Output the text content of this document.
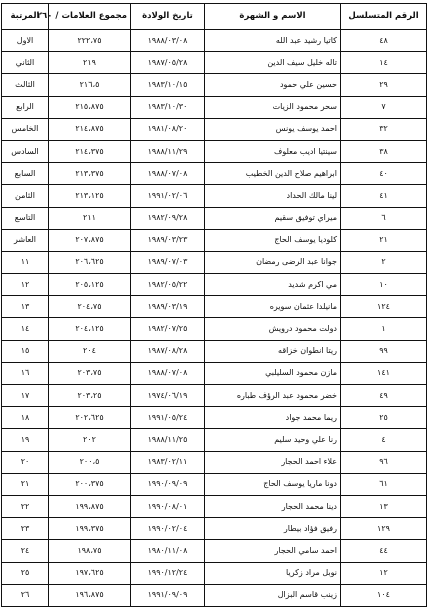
الرقم المتسلسل	الاسم و الشهرة	تاريخ الولادة	مجموع العلامات / ٢٦٠	المرتبة
٤٨	كاتيا رشيد عبد الله	١٩٨٨/٠٣/٠٨	٢٢٢،٧٥	الاول
١٤	تاله خليل سيف الدين	١٩٨٧/٠٥/٢٨	٢١٩	الثاني
٢٩	حسين علي حمود	١٩٨٣/١٠/١٥	٢١٦،٥	الثالث
٧	سحر محمود الزيات	١٩٨٣/١٠/٣٠	٢١٥،٨٧٥	الرابع
٣٢	احمد يوسف يونس	١٩٨١/٠٨/٢٠	٢١٤،٨٧٥	الخامس
٣٨	سينتيا اديب معلوف	١٩٨٨/١١/٢٩	٢١٤،٣٧٥	السادس
٤٠	ابراهيم صلاح الدين الخطيب	١٩٨٨/٠٧/٠٨	٢١٣،٣٧٥	السابع
٤١	لينا مالك الحداد	١٩٩١/٠٢/٠٦	٢١٣،١٢٥	الثامن
٦	ميراي توفيق سقيم	١٩٨٢/٠٩/٢٨	٢١١	التاسع
٢١	كلوديا يوسف الحاج	١٩٨٩/٠٣/٢٣	٢٠٧،٨٧٥	العاشر
٢	جوانا عبد الرضى رمضان	١٩٨٩/٠٧/٠٣	٢٠٦،٦٢٥	١١
١٠	مي اكرم شديد	١٩٨٢/٠٥/٢٢	٢٠٥،١٢٥	١٢
١٢٤	مانيلدا عثمان سويره	١٩٨٩/٠٣/١٩	٢٠٤،٧٥	١٣
١	دولت محمود درويش	١٩٨٢/٠٧/٢٥	٢٠٤،١٢٥	١٤
٩٩	ريتا انطوان خزاقه	١٩٨٧/٠٨/٢٨	٢٠٤	١٥
١٤١	مازن محمود السليلبي	١٩٨٨/٠٧/٠٨	٢٠٣،٧٥	١٦
٤٩	خضر محمود عبد الرؤف طباره	١٩٧٤/٠٦/١٩	٢٠٣،٢٥	١٧
٢٥	ريما محمد جواد	١٩٩١/٠٥/٢٤	٢٠٢،٦٢٥	١٨
٤	رنا علي وحيد سليم	١٩٨٨/١١/٢٥	٢٠٢	١٩
٩٦	علاء احمد الحجار	١٩٨٣/٠٢/١١	٢٠٠،٥	٢٠
٦١	دونا ماريا يوسف الحاج	١٩٩٠/٠٩/٠٩	٢٠٠،٣٧٥	٢١
١٣	دينا محمد الحجار	١٩٩٠/٠٨/٠١	١٩٩،٨٧٥	٢٢
١٢٩	رفيق فؤاد بيطار	١٩٩٠/٠٢/٠٤	١٩٩،٣٧٥	٢٣
٤٤	احمد سامي الحجار	١٩٨٠/١١/٠٨	١٩٨،٧٥	٢٤
١٢	نوبل مراد زكريا	١٩٩٠/١٢/٢٤	١٩٧،٦٢٥	٢٥
١٠٤	زينب قاسم البزال	١٩٩١/٠٩/٠٩	١٩٦،٨٧٥	٢٦
